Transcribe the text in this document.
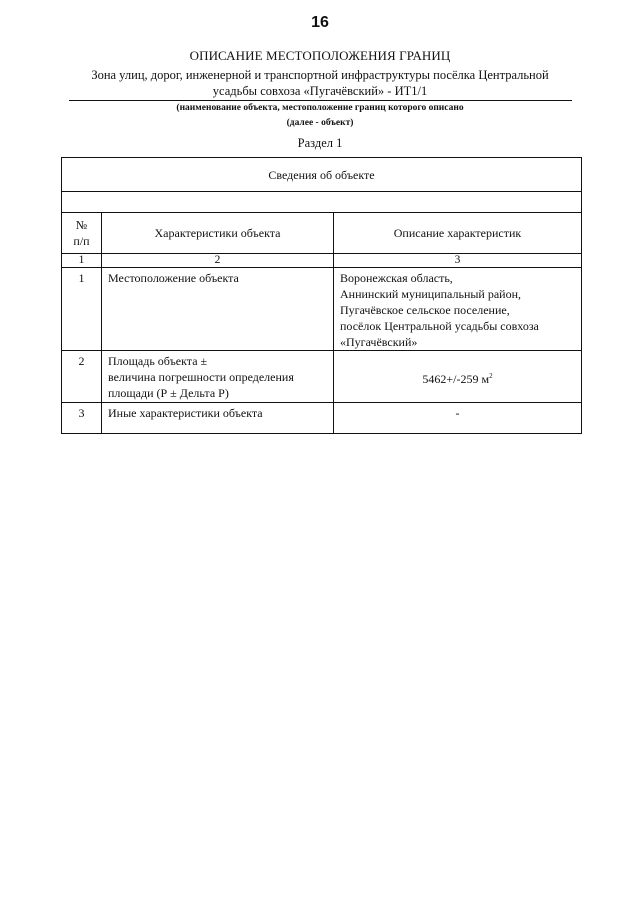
16
ОПИСАНИЕ МЕСТОПОЛОЖЕНИЯ ГРАНИЦ
Зона улиц, дорог, инженерной и транспортной инфраструктуры посёлка Центральной
усадьбы совхоза «Пугачёвский» - ИТ1/1
(наименование объекта, местоположение границ которого описано
(далее - объект)
Раздел 1
Сведения об объекте		

№
п/п	Характеристики объекта	Описание характеристик
1	2	3
1	Местоположение объекта	Воронежская область,
Аннинский муниципальный район,
Пугачёвское сельское поселение,
посёлок Центральной усадьбы совхоза
«Пугачёвский»

2	Площадь объекта ±
величина погрешности определения
площади (Р ± Дельта Р)	5462+/-259 $м^2$
3	Иные характеристики объекта	-
